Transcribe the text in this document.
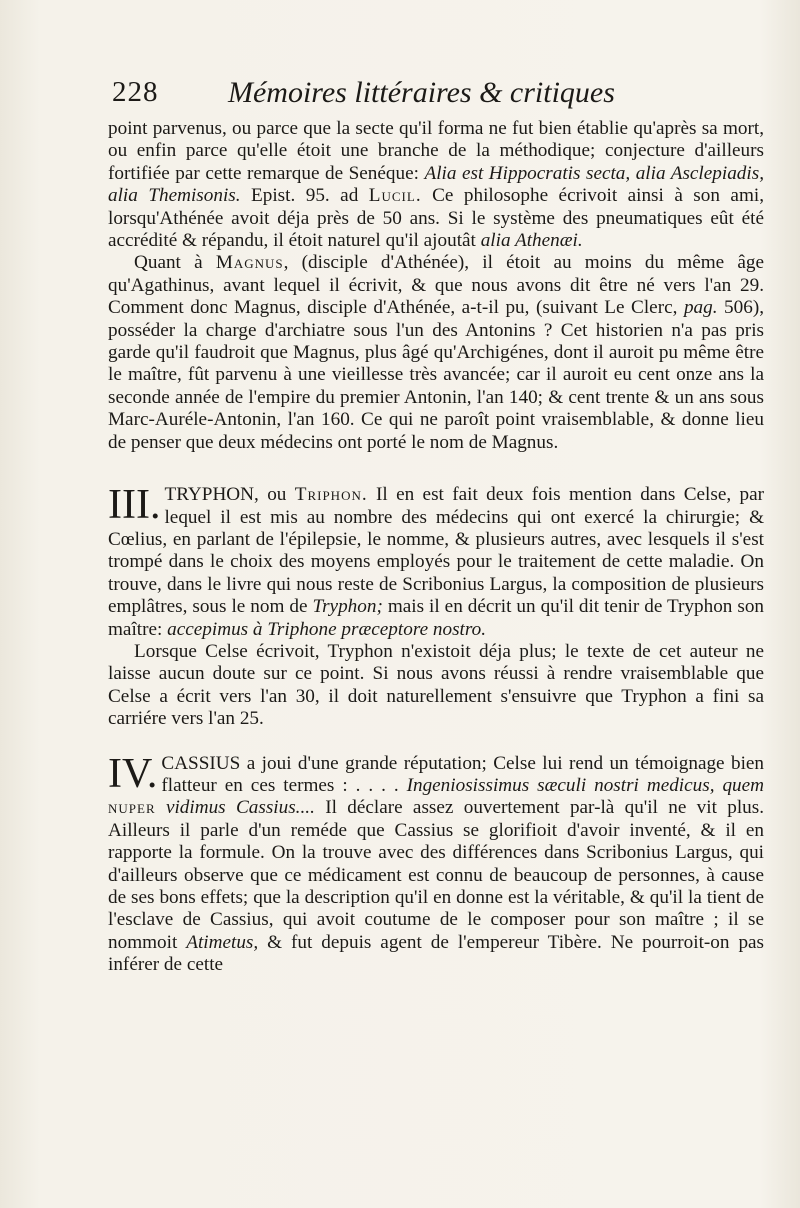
228 Mémoires littéraires & critiques

point parvenus, ou parce que la secte qu'il forma ne fut bien établie qu'après sa mort, ou enfin parce qu'elle étoit une branche de la méthodique; conjecture d'ailleurs fortifiée par cette remarque de Senéque: Alia est Hippocratis secta, alia Asclepiadis, alia Themisonis. Epist. 95. ad Lucil. Ce philosophe écrivoit ainsi à son ami, lorsqu'Athénée avoit déja près de 50 ans. Si le système des pneumatiques eût été accrédité & répandu, il étoit naturel qu'il ajoutât alia Athenæi.

Quant à Magnus, (disciple d'Athénée), il étoit au moins du même âge qu'Agathinus, avant lequel il écrivit, & que nous avons dit être né vers l'an 29. Comment donc Magnus, disciple d'Athénée, a-t-il pu, (suivant Le Clerc, pag. 506), posséder la charge d'archiatre sous l'un des Antonins ? Cet historien n'a pas pris garde qu'il faudroit que Magnus, plus âgé qu'Archigénes, dont il auroit pu même être le maître, fût parvenu à une vieillesse très avancée; car il auroit eu cent onze ans la seconde année de l'empire du premier Antonin, l'an 140; & cent trente & un ans sous Marc-Auréle-Antonin, l'an 160. Ce qui ne paroît point vraisemblable, & donne lieu de penser que deux médecins ont porté le nom de Magnus.

III. TRYPHON, ou Triphon. Il en est fait deux fois mention dans Celse, par lequel il est mis au nombre des médecins qui ont exercé la chirurgie; & Cœlius, en parlant de l'épilepsie, le nomme, & plusieurs autres, avec lesquels il s'est trompé dans le choix des moyens employés pour le traitement de cette maladie. On trouve, dans le livre qui nous reste de Scribonius Largus, la composition de plusieurs emplâtres, sous le nom de Tryphon; mais il en décrit un qu'il dit tenir de Tryphon son maître: accepimus à Triphone præceptore nostro.

Lorsque Celse écrivoit, Tryphon n'existoit déja plus; le texte de cet auteur ne laisse aucun doute sur ce point. Si nous avons réussi à rendre vraisemblable que Celse a écrit vers l'an 30, il doit naturellement s'ensuivre que Tryphon a fini sa carriére vers l'an 25.

IV. CASSIUS a joui d'une grande réputation; Celse lui rend un témoignage bien flatteur en ces termes : . . . . Ingeniosissimus sæculi nostri medicus, quem nuper vidimus Cassius.... Il déclare assez ouvertement par-là qu'il ne vit plus. Ailleurs il parle d'un reméde que Cassius se glorifioit d'avoir inventé, & il en rapporte la formule. On la trouve avec des différences dans Scribonius Largus, qui d'ailleurs observe que ce médicament est connu de beaucoup de personnes, à cause de ses bons effets; que la description qu'il en donne est la véritable, & qu'il la tient de l'esclave de Cassius, qui avoit coutume de le composer pour son maître ; il se nommoit Atimetus, & fut depuis agent de l'empereur Tibère. Ne pourroit-on pas inférer de cette
